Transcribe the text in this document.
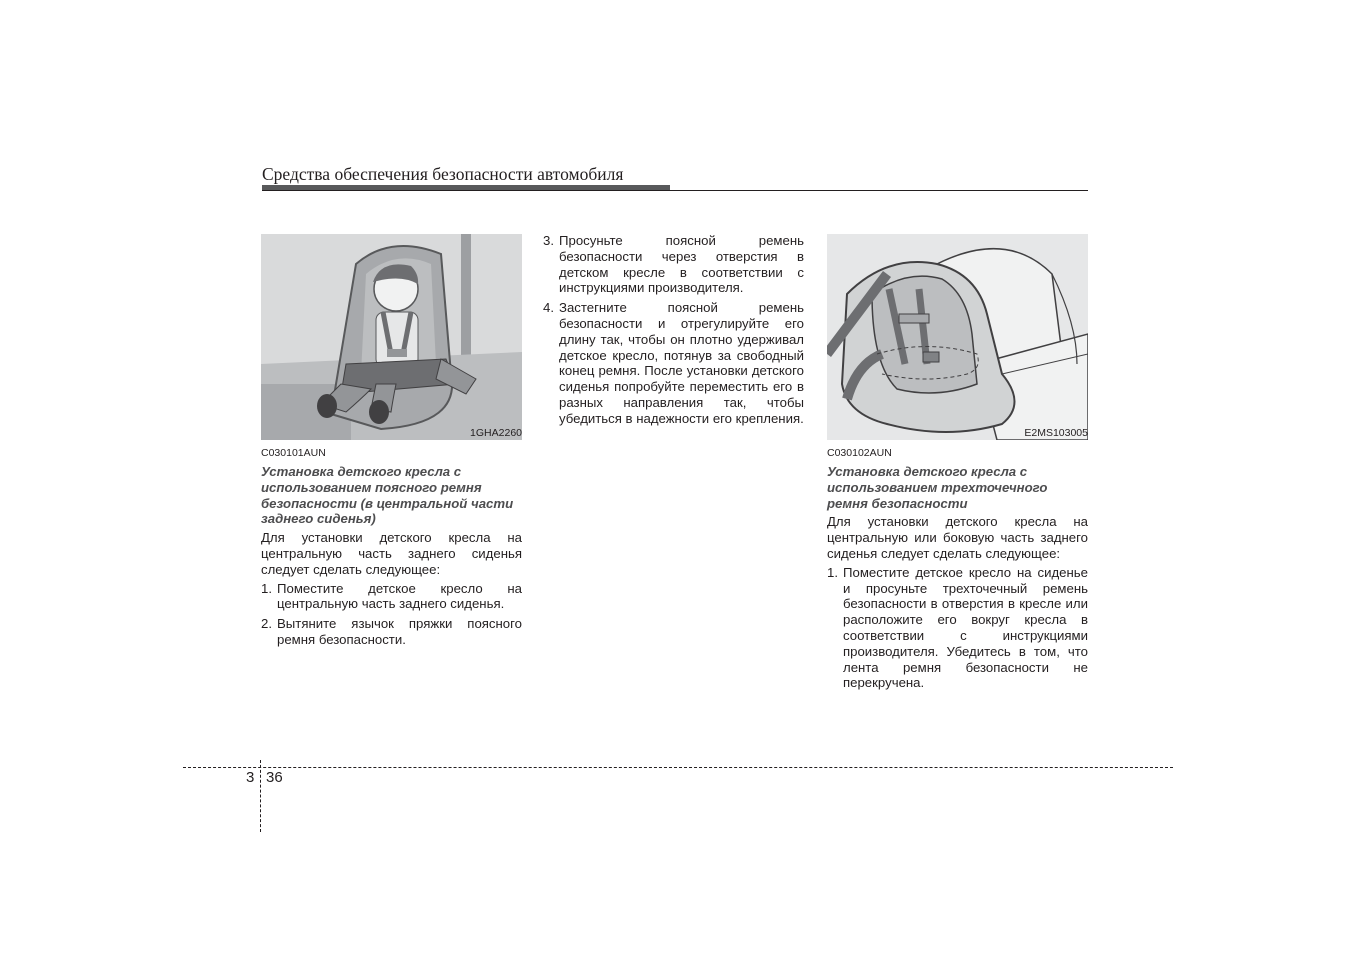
Средства обеспечения безопасности автомобиля
1GHA2260
C030101AUN
Установка детского кресла с использованием поясного ремня безопасности (в центральной части заднего сиденья)
Для установки детского кресла на центральную часть заднего сиденья следует сделать следующее:
1. Поместите детское кресло на центральную часть заднего сиденья.
2. Вытяните язычок пряжки поясного ремня безопасности.
3. Просуньте поясной ремень безопасности через отверстия в детском кресле в соответствии с инструкциями производителя.
4. Застегните поясной ремень безопасности и отрегулируйте его длину так, чтобы он плотно удерживал детское кресло, потянув за свободный конец ремня. После установки детского сиденья попробуйте переместить его в разных направления так, чтобы убедиться в надежности его крепления.
E2MS103005
C030102AUN
Установка детского кресла с использованием трехточечного ремня безопасности
Для установки детского кресла на центральную или боковую часть заднего сиденья следует сделать следующее:
1. Поместите детское кресло на сиденье и просуньте трехточечный ремень безопасности в отверстия в кресле или расположите его вокруг кресла в соответствии с инструкциями производителя. Убедитесь в том, что лента ремня безопасности не перекручена.
3 36
